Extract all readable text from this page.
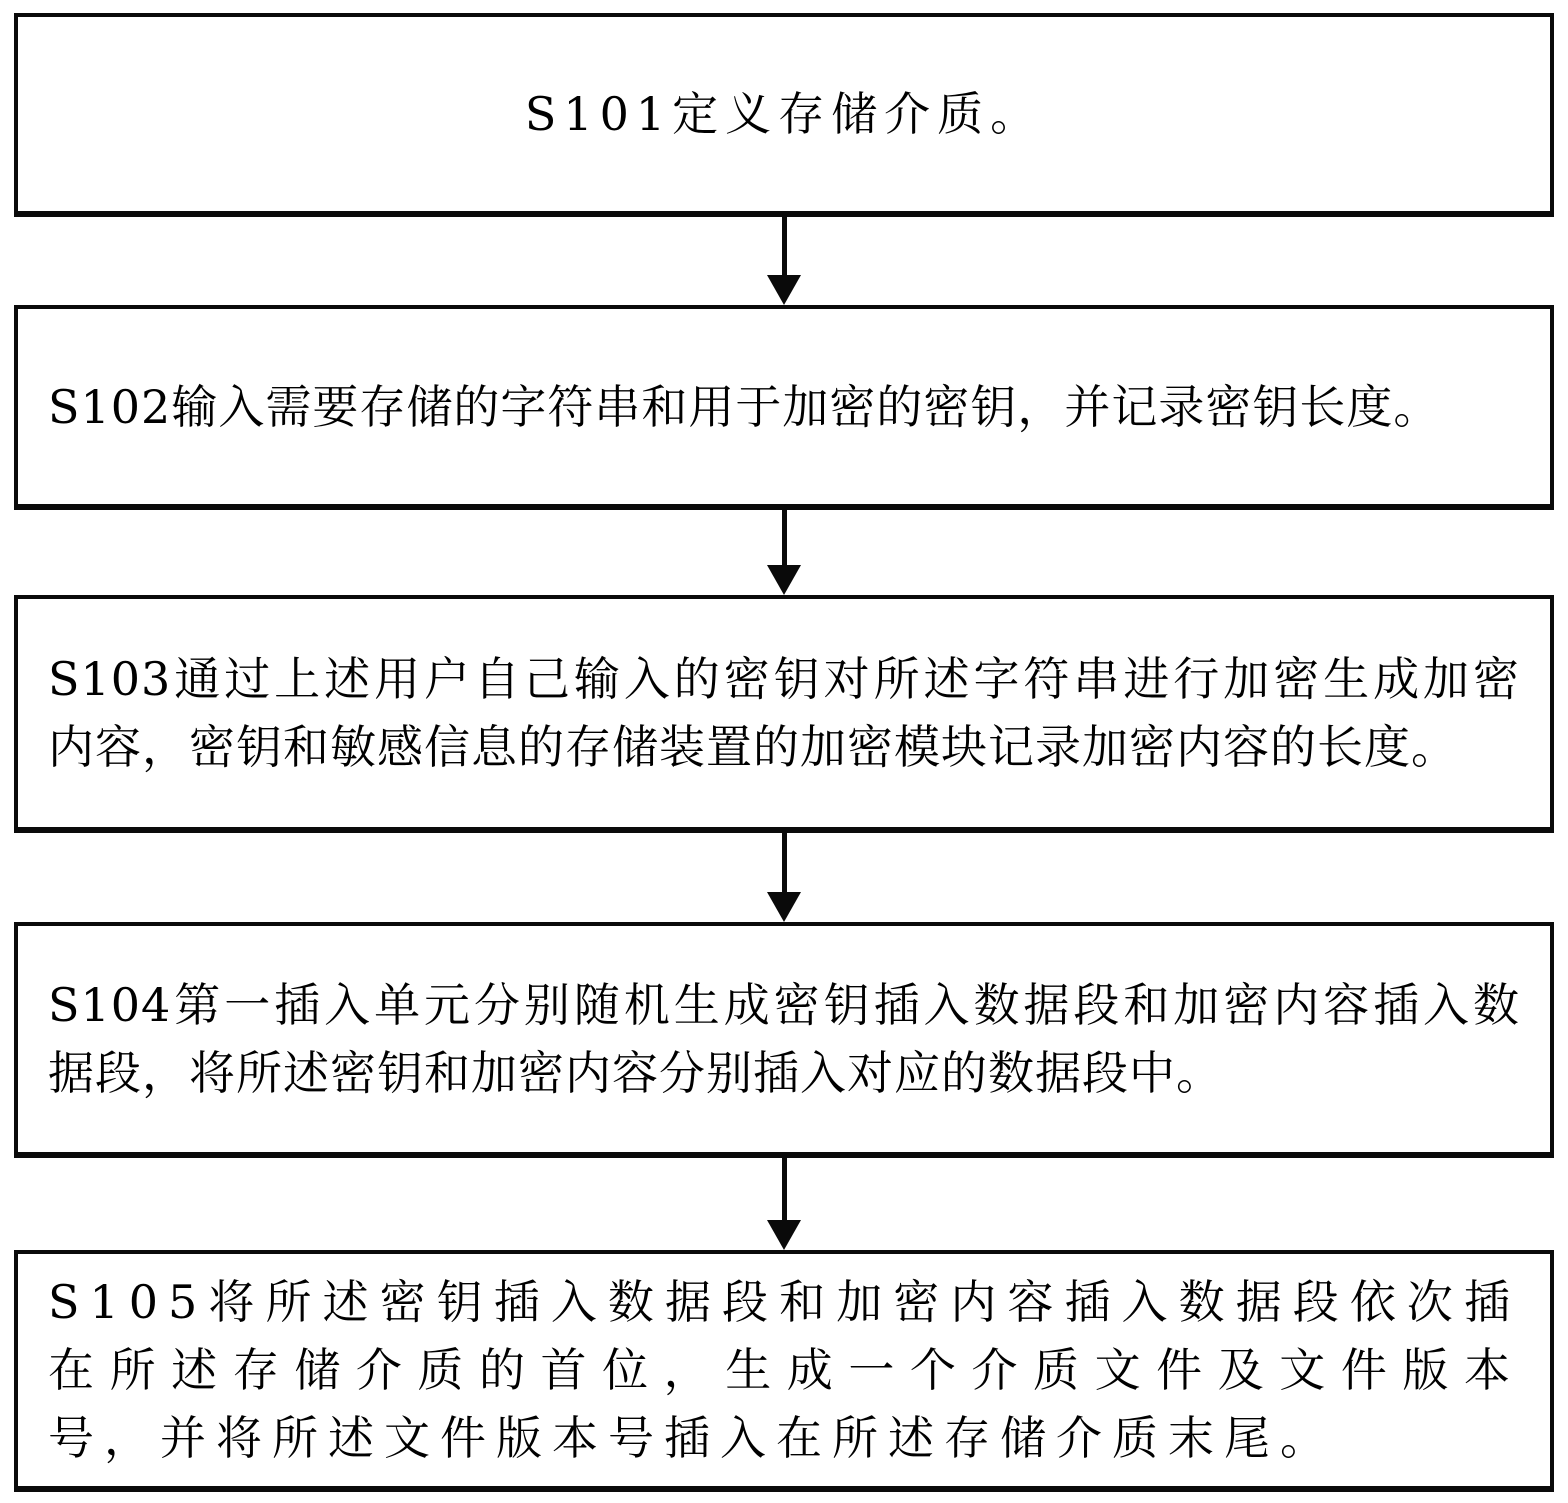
S101定义存储介质。
S102输入需要存储的字符串和用于加密的密钥，并记录密钥长度。
S103通过上述用户自己输入的密钥对所述字符串进行加密生成加密
内容，密钥和敏感信息的存储装置的加密模块记录加密内容的长度。
S104第一插入单元分别随机生成密钥插入数据段和加密内容插入数
据段，将所述密钥和加密内容分别插入对应的数据段中。
S105将所述密钥插入数据段和加密内容插入数据段依次插
在所述存储介质的首位，生成一个介质文件及文件版本
号，并将所述文件版本号插入在所述存储介质末尾。
